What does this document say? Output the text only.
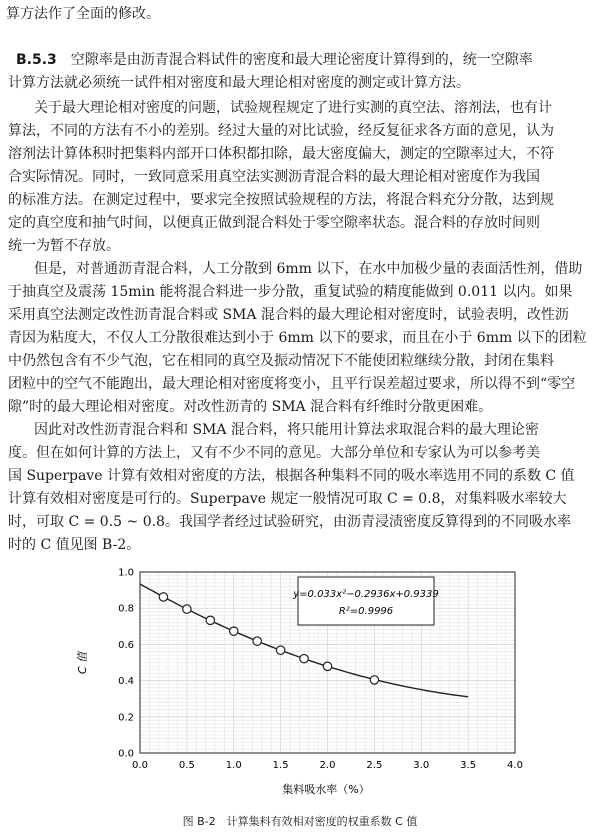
算方法作了全面的修改。
B.5.3　 空隙率是由沥青混合料试件的密度和最大理论密度计算得到的，统一空隙率
计算方法就必须统一试件相对密度和最大理论相对密度的测定或计算方法。
关于最大理论相对密度的问题，试验规程规定了进行实测的真空法、溶剂法，也有计
算法，不同的方法有不小的差别。经过大量的对比试验，经反复征求各方面的意见，认为
溶剂法计算体积时把集料内部开口体积都扣除，最大密度偏大，测定的空隙率过大，不符
合实际情况。同时，一致同意采用真空法实测沥青混合料的最大理论相对密度作为我国
的标准方法。在测定过程中，要求完全按照试验规程的方法，将混合料充分分散，达到规
定的真空度和抽气时间，以便真正做到混合料处于零空隙率状态。混合料的存放时间则
统一为暂不存放。
但是，对普通沥青混合料，人工分散到 6mm 以下，在水中加极少量的表面活性剂，借助
于抽真空及震荡 15min 能将混合料进一步分散，重复试验的精度能做到 0.011 以内。如果
采用真空法测定改性沥青混合料或 SMA 混合料的最大理论相对密度时，试验表明，改性沥
青因为粘度大，不仅人工分散很难达到小于 6mm 以下的要求，而且在小于 6mm 以下的团粒
中仍然包含有不少气泡，它在相同的真空及振动情况下不能使团粒继续分散，封闭在集料
团粒中的空气不能跑出，最大理论相对密度将变小，且平行误差超过要求，所以得不到“零空
隙”时的最大理论相对密度。对改性沥青的 SMA 混合料有纤维时分散更困难。
因此对改性沥青混合料和 SMA 混合料，将只能用计算法求取混合料的最大理论密
度。但在如何计算的方法上，又有不少不同的意见。大部分单位和专家认为可以参考美
国 Superpave 计算有效相对密度的方法，根据各种集料不同的吸水率选用不同的系数 C 值
计算有效相对密度是可行的。Superpave 规定一般情况可取 C = 0.8，对集料吸水率较大
时，可取 C = 0.5 ~ 0.8。我国学者经过试验研究，由沥青浸渍密度反算得到的不同吸水率
时的 C 值见图 B-2。
0.0
0.2
0.4
0.6
0.8
1.0
0.0	0.5	1.0	1.5	2.0	2.5	3.0	3.5	4.0
y=0.033x²−0.2936x+0.9339
R²=0.9996
C 值
集料吸水率（%）
图 B-2　计算集料有效相对密度的权重系数 C 值
